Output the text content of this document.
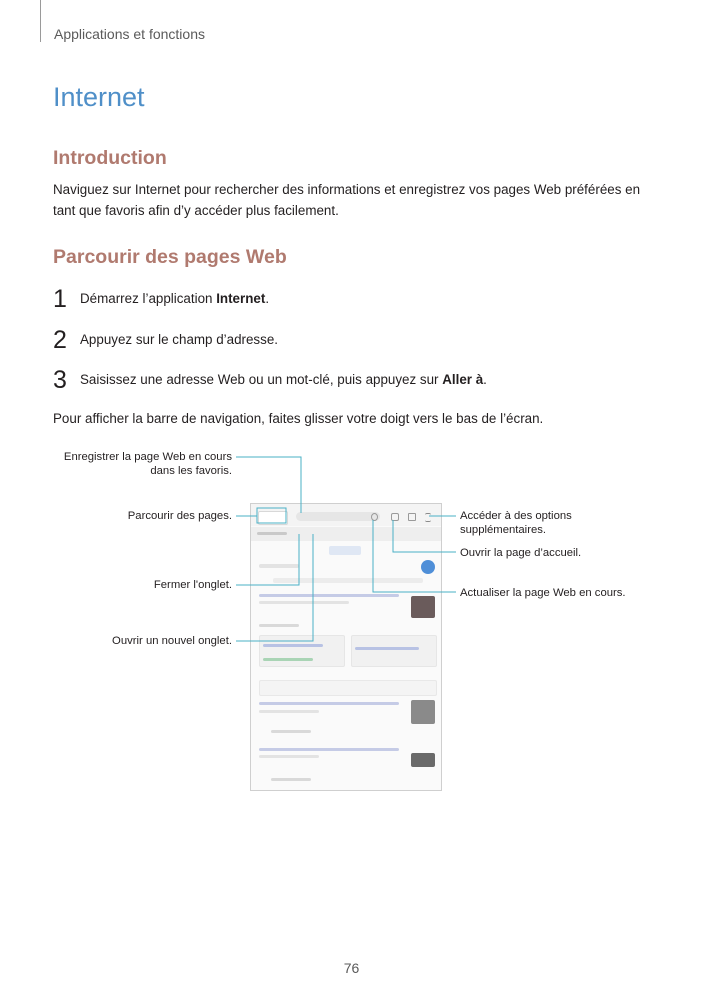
Applications et fonctions
Internet
Introduction
Naviguez sur Internet pour rechercher des informations et enregistrez vos pages Web préférées en tant que favoris afin d’y accéder plus facilement.
Parcourir des pages Web
1 Démarrez l’application Internet.
2 Appuyez sur le champ d’adresse.
3 Saisissez une adresse Web ou un mot-clé, puis appuyez sur Aller à.
Pour afficher la barre de navigation, faites glisser votre doigt vers le bas de l’écran.
Enregistrer la page Web en cours
dans les favoris.
Parcourir des pages.
Fermer l'onglet.
Ouvrir un nouvel onglet.
Accéder à des options
supplémentaires.
Ouvrir la page d’accueil.
Actualiser la page Web en cours.
76
